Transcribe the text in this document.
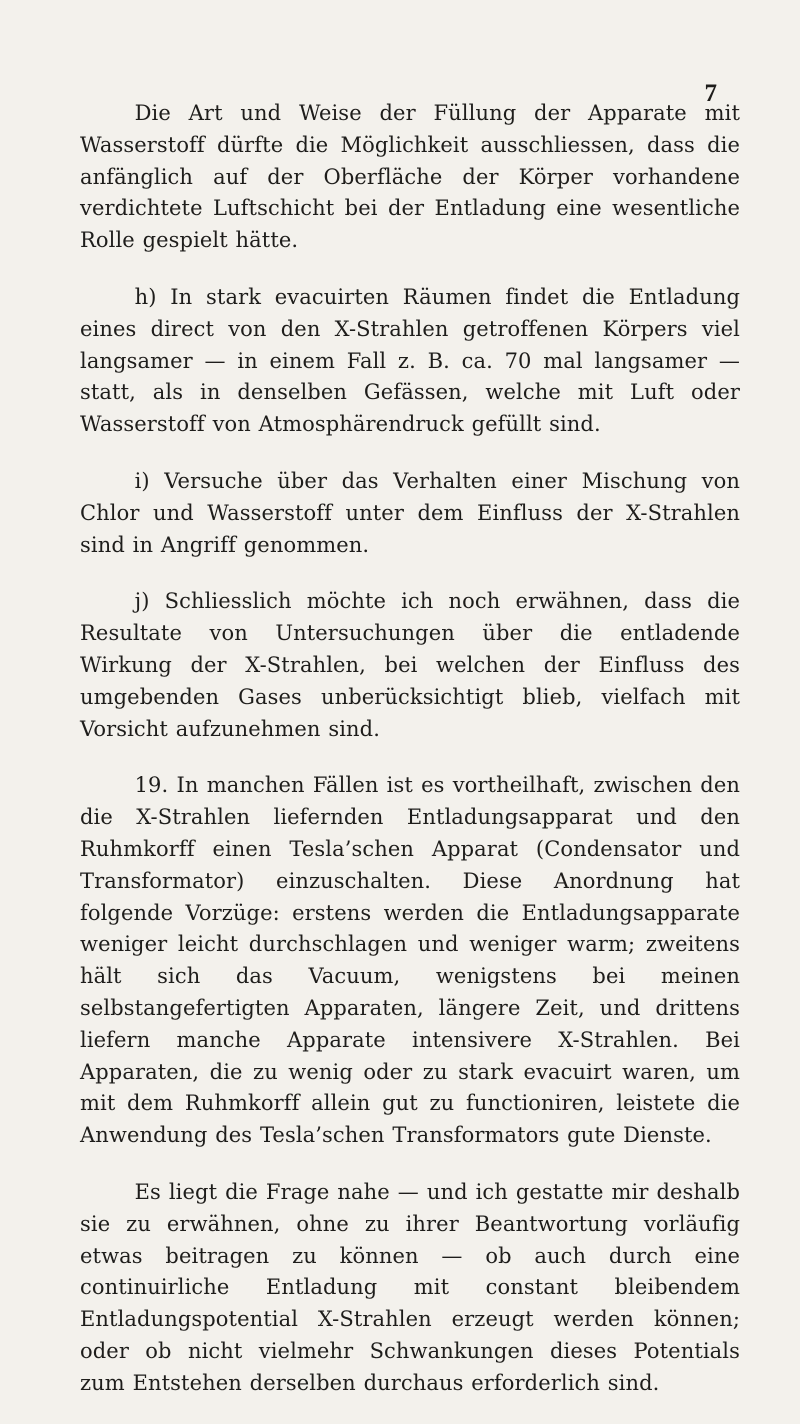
7

Die Art und Weise der Füllung der Apparate mit Wasserstoff dürfte die Möglichkeit ausschliessen, dass die anfänglich auf der Oberfläche der Körper vorhandene verdichtete Luftschicht bei der Entladung eine wesentliche Rolle gespielt hätte.

h) In stark evacuirten Räumen findet die Entladung eines direct von den X-Strahlen getroffenen Körpers viel langsamer — in einem Fall z. B. ca. 70 mal langsamer — statt, als in denselben Gefässen, welche mit Luft oder Wasserstoff von Atmosphärendruck gefüllt sind.

i) Versuche über das Verhalten einer Mischung von Chlor und Wasserstoff unter dem Einfluss der X-Strahlen sind in Angriff genommen.

j) Schliesslich möchte ich noch erwähnen, dass die Resultate von Untersuchungen über die entladende Wirkung der X-Strahlen, bei welchen der Einfluss des umgebenden Gases unberücksichtigt blieb, vielfach mit Vorsicht aufzunehmen sind.

19. In manchen Fällen ist es vortheilhaft, zwischen den die X-Strahlen liefernden Entladungsapparat und den Ruhmkorff einen Tesla’schen Apparat (Condensator und Transformator) einzuschalten. Diese Anordnung hat folgende Vorzüge: erstens werden die Entladungsapparate weniger leicht durchschlagen und weniger warm; zweitens hält sich das Vacuum, wenigstens bei meinen selbstangefertigten Apparaten, längere Zeit, und drittens liefern manche Apparate intensivere X-Strahlen. Bei Apparaten, die zu wenig oder zu stark evacuirt waren, um mit dem Ruhmkorff allein gut zu functioniren, leistete die Anwendung des Tesla’schen Transformators gute Dienste.

Es liegt die Frage nahe — und ich gestatte mir deshalb sie zu erwähnen, ohne zu ihrer Beantwortung vorläufig etwas beitragen zu können — ob auch durch eine continuirliche Entladung mit constant bleibendem Entladungspotential X-Strahlen erzeugt werden können; oder ob nicht vielmehr Schwankungen dieses Potentials zum Entstehen derselben durchaus erforderlich sind.
